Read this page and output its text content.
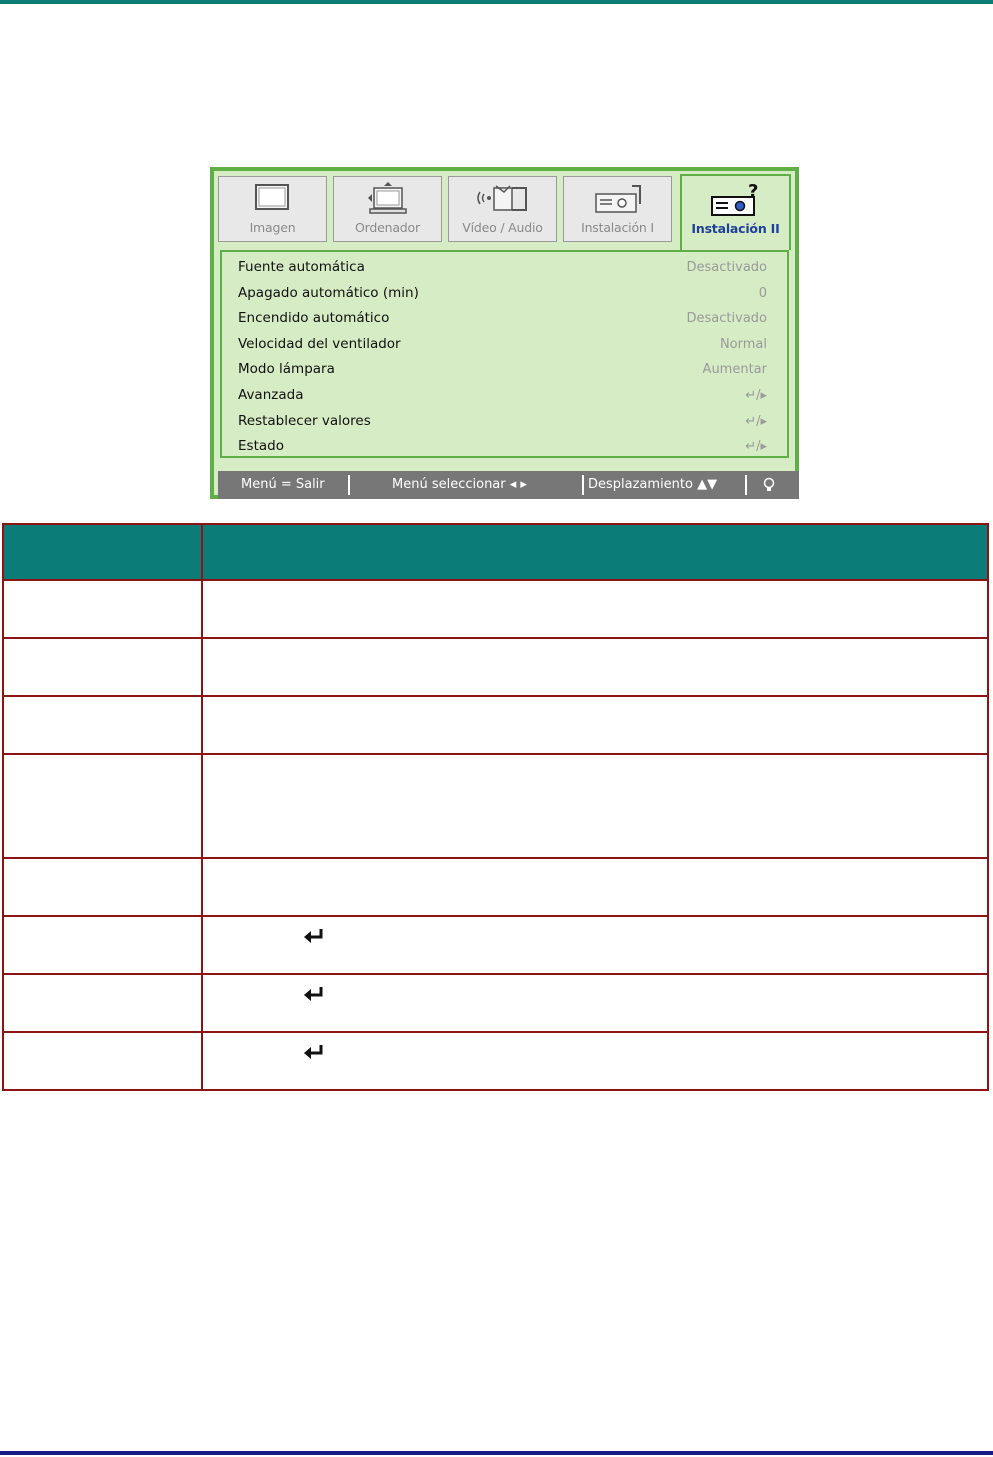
Imagen	Ordenador	Vídeo / Audio	Instalación I
?
Instalación II
Fuente automática	Desactivado
Apagado automático (min)	0
Encendido automático	Desactivado
Velocidad del ventilador	Normal
Modo lámpara	Aumentar
Avanzada	↵/▸
Restablecer valores	↵/▸
Estado	↵/▸
Menú = Salir	Menú seleccionar ◂ ▸	Desplazamiento ▲▼
